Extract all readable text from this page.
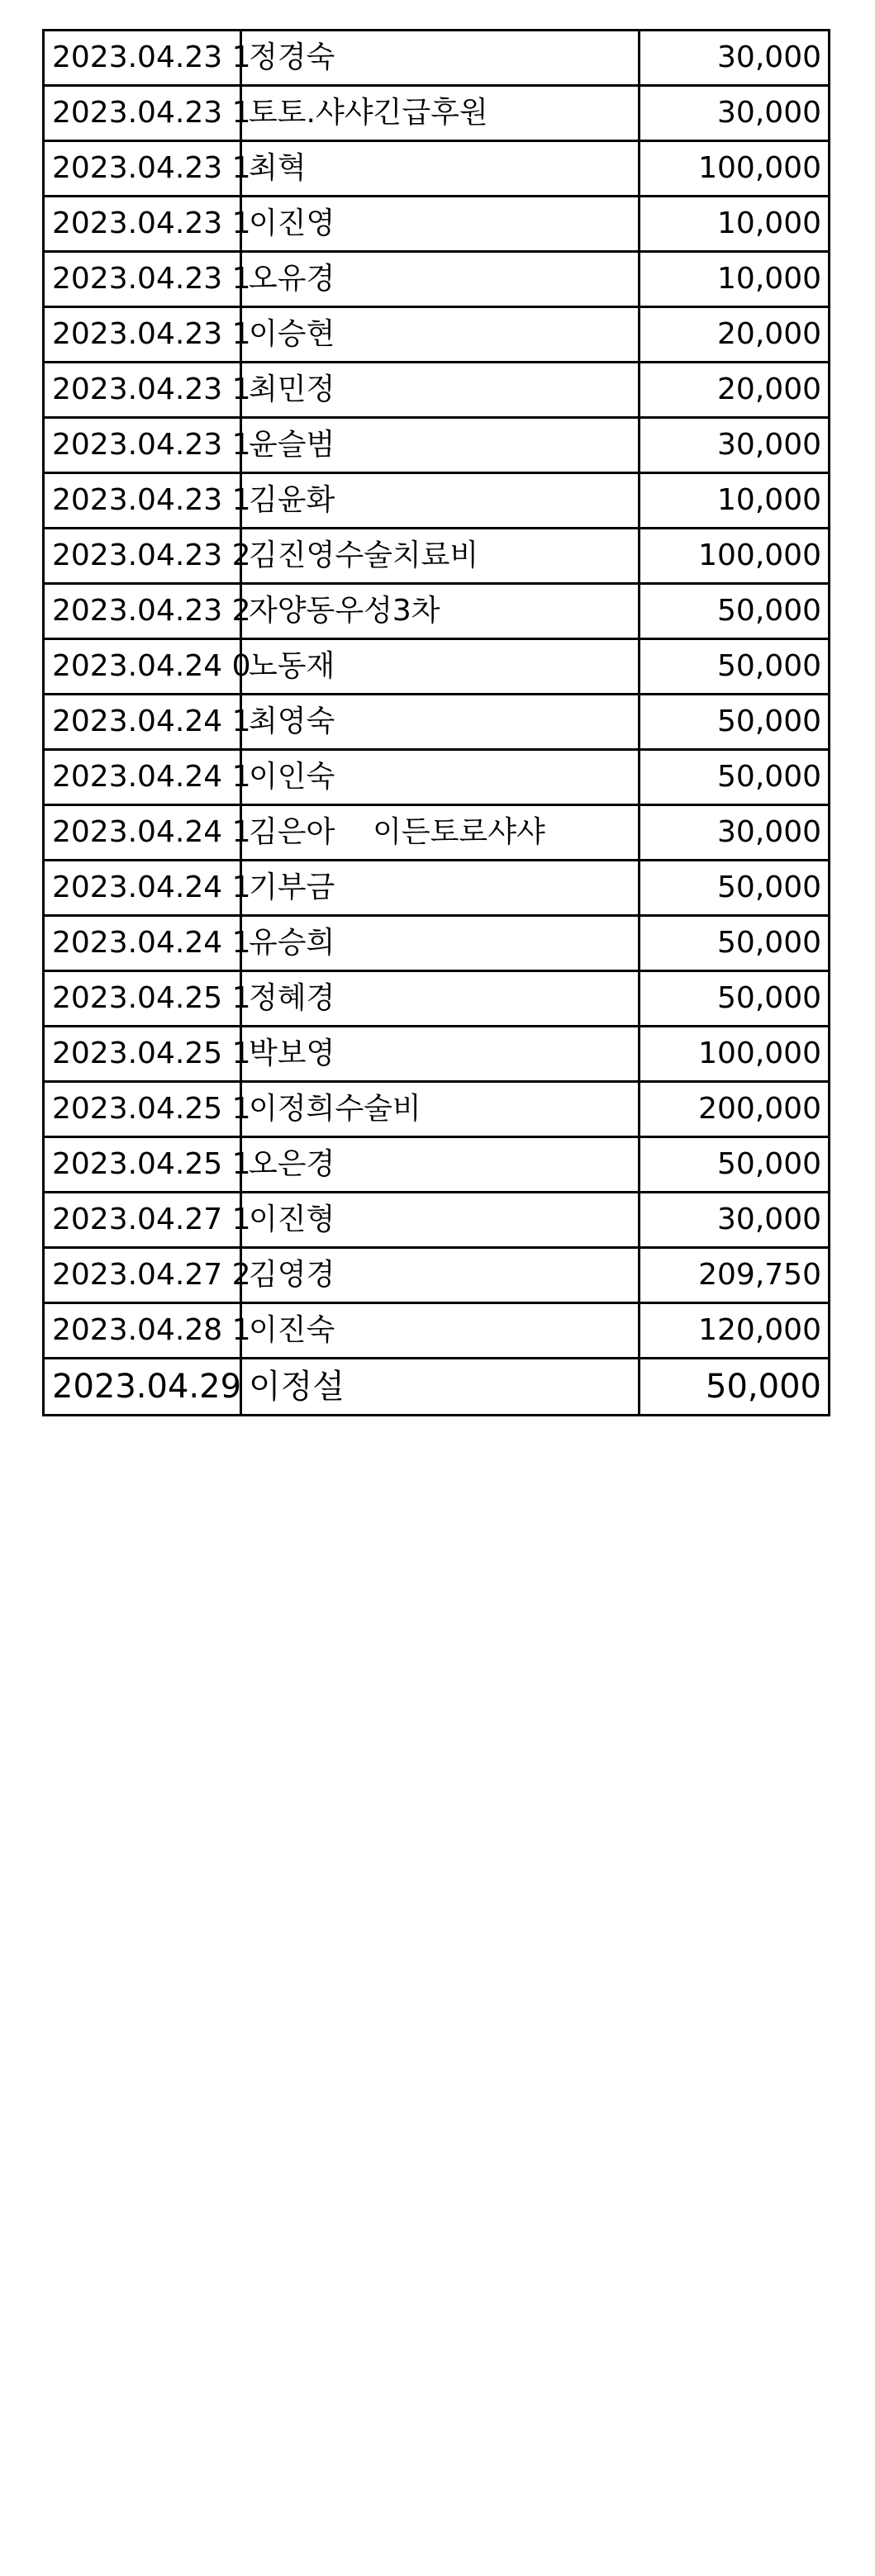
2023.04.23 1	정경숙	30,000
2023.04.23 1	토토.샤샤긴급후원	30,000
2023.04.23 1	최혁	100,000
2023.04.23 1	이진영	10,000
2023.04.23 1	오유경	10,000
2023.04.23 1	이승현	20,000
2023.04.23 1	최민정	20,000
2023.04.23 1	윤슬범	30,000
2023.04.23 1	김윤화	10,000
2023.04.23 2	김진영수술치료비	100,000
2023.04.23 2	자양동우성3차	50,000
2023.04.24 0	노동재	50,000
2023.04.24 1	최영숙	50,000
2023.04.24 1	이인숙	50,000
2023.04.24 1	김은아    이든토로샤샤	30,000
2023.04.24 1	기부금	50,000
2023.04.24 1	유승희	50,000
2023.04.25 1	정혜경	50,000
2023.04.25 1	박보영	100,000
2023.04.25 1	이정희수술비	200,000
2023.04.25 1	오은경	50,000
2023.04.27 1	이진형	30,000
2023.04.27 2	김영경	209,750
2023.04.28 1	이진숙	120,000
2023.04.29	이정설	50,000
